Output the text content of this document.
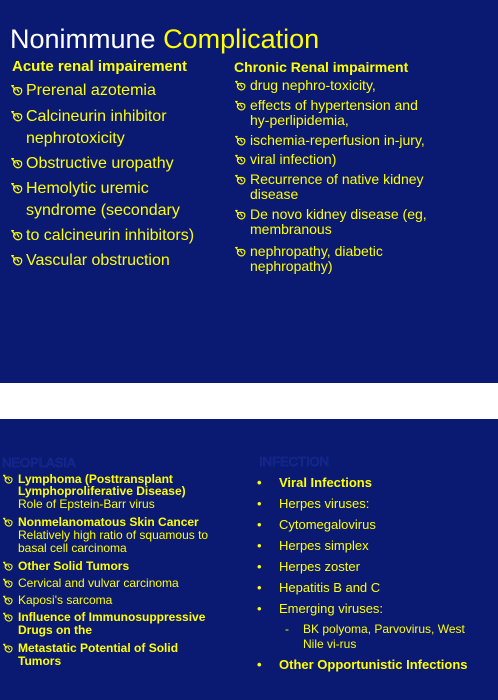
Nonimmune Complication
Acute renal impairement
Prerenal azotemia
Calcineurin inhibitor
nephrotoxicity
Obstructive uropathy
Hemolytic uremic
syndrome (secondary
to calcineurin inhibitors)
Vascular obstruction
Chronic Renal impairment
drug nephro-toxicity,
effects of hypertension and
hy-perlipidemia,
ischemia-reperfusion in-jury,
viral infection)
Recurrence of native kidney
disease
De novo kidney disease (eg,
membranous
nephropathy, diabetic
nephropathy)
NEOPLASIA
Lymphoma (Posttransplant
Lymphoproliferative Disease)
Role of Epstein-Barr virus
Nonmelanomatous Skin Cancer
Relatively high ratio of squamous to
basal cell carcinoma
Other Solid Tumors
Cervical and vulvar carcinoma
Kaposi's sarcoma
Influence of Immunosuppressive
Drugs on the
Metastatic Potential of Solid
Tumors
INFECTION
• Viral Infections
• Herpes viruses:
• Cytomegalovirus
• Herpes simplex
• Herpes zoster
• Hepatitis B and C
• Emerging viruses:
- BK polyoma, Parvovirus, West
Nile vi-rus
• Other Opportunistic Infections
